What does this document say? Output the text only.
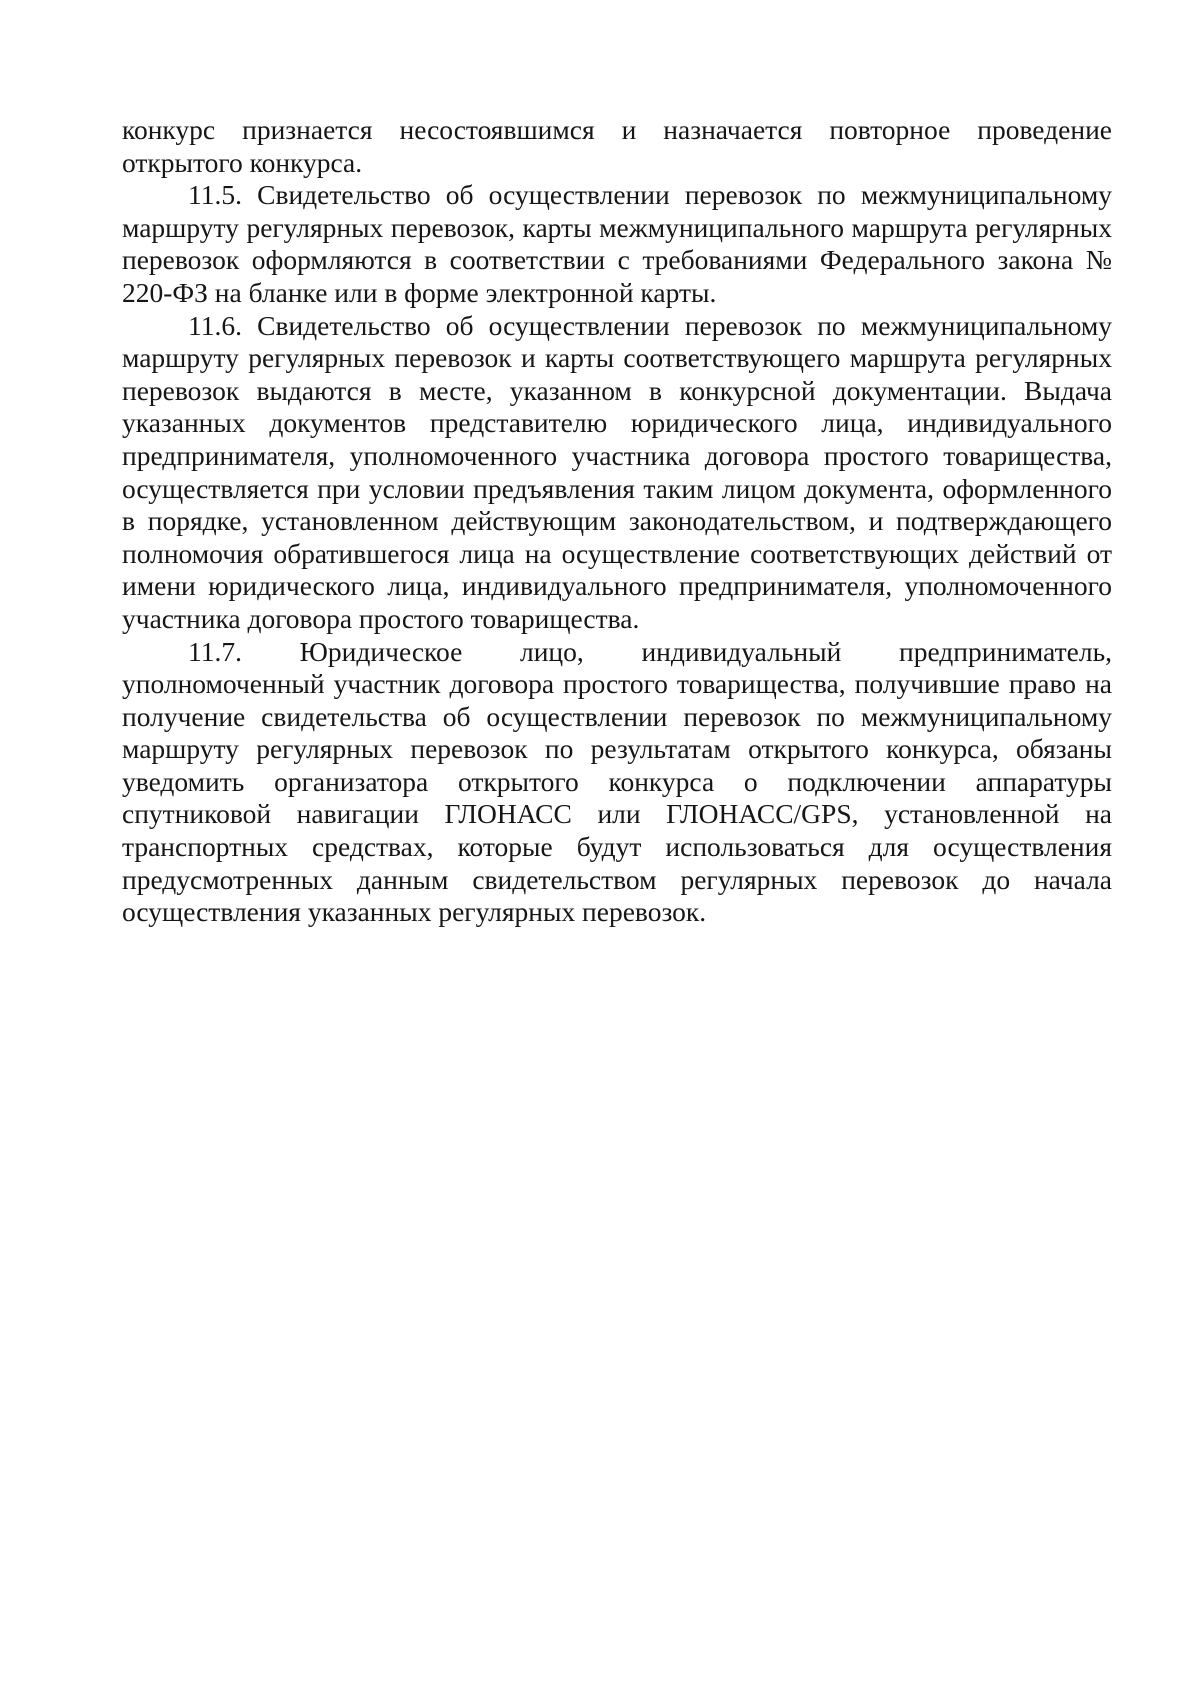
конкурс признается несостоявшимся и назначается повторное проведение открытого конкурса.

11.5. Свидетельство об осуществлении перевозок по межмуниципальному маршруту регулярных перевозок, карты межмуниципального маршрута регулярных перевозок оформляются в соответствии с требованиями Федерального закона № 220-ФЗ на бланке или в форме электронной карты.

11.6. Свидетельство об осуществлении перевозок по межмуниципальному маршруту регулярных перевозок и карты соответствующего маршрута регулярных перевозок выдаются в месте, указанном в конкурсной документации. Выдача указанных документов представителю юридического лица, индивидуального предпринимателя, уполномоченного участника договора простого товарищества, осуществляется при условии предъявления таким лицом документа, оформленного в порядке, установленном действующим законодательством, и подтверждающего полномочия обратившегося лица на осуществление соответствующих действий от имени юридического лица, индивидуального предпринимателя, уполномоченного участника договора простого товарищества.

11.7. Юридическое лицо, индивидуальный предприниматель, уполномоченный участник договора простого товарищества, получившие право на получение свидетельства об осуществлении перевозок по межмуниципальному маршруту регулярных перевозок по результатам открытого конкурса, обязаны уведомить организатора открытого конкурса о подключении аппаратуры спутниковой навигации ГЛОНАСС или ГЛОНАСС/GPS, установленной на транспортных средствах, которые будут использоваться для осуществления предусмотренных данным свидетельством регулярных перевозок до начала осуществления указанных регулярных перевозок.
